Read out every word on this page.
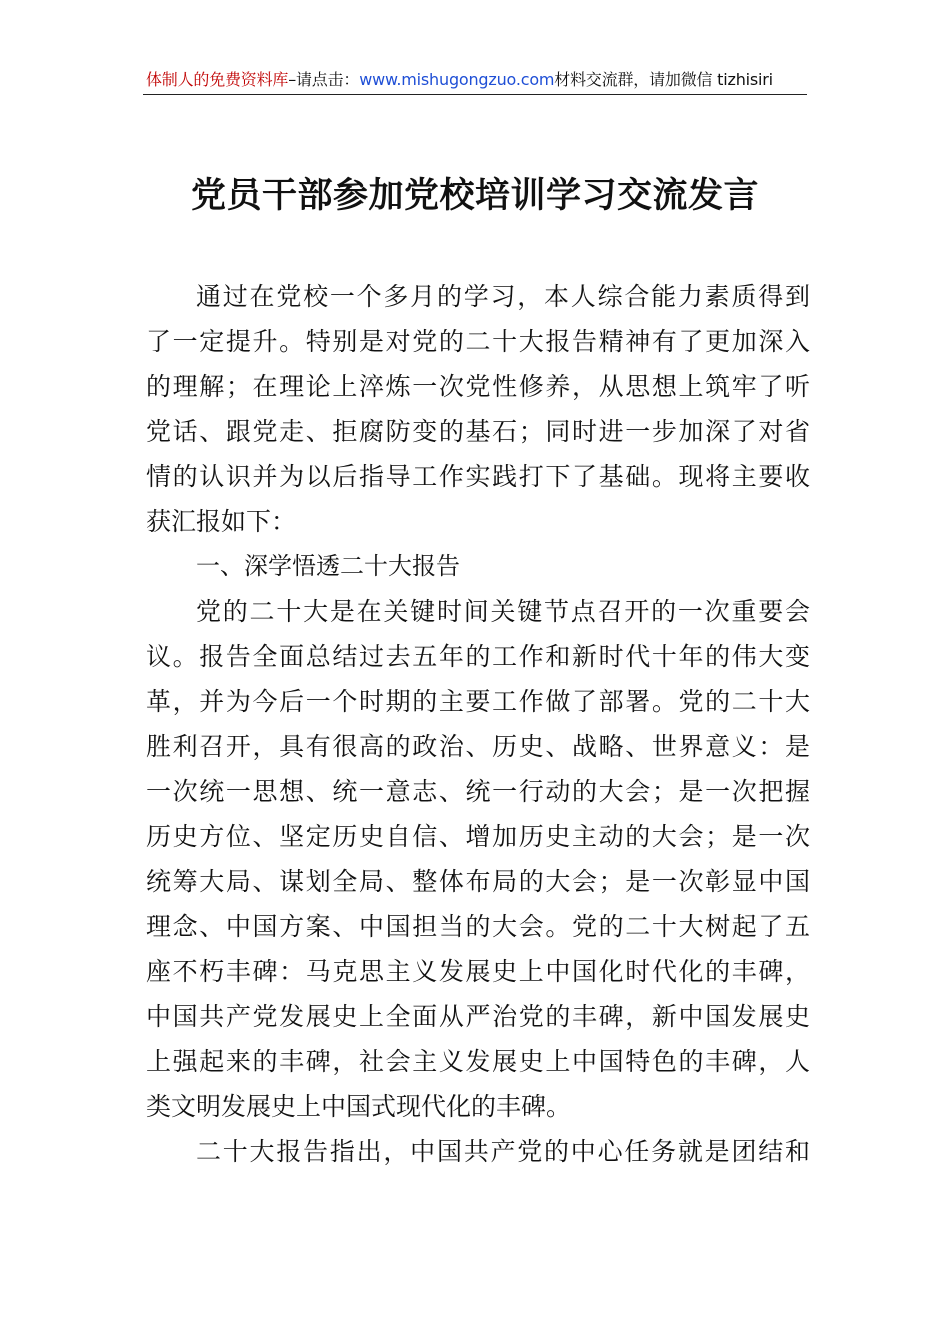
体制人的免费资料库–请点击：www.mishugongzuo.com材料交流群，请加微信 tizhisiri
党员干部参加党校培训学习交流发言
通过在党校一个多月的学习，本人综合能力素质得到
了一定提升。特别是对党的二十大报告精神有了更加深入
的理解；在理论上淬炼一次党性修养，从思想上筑牢了听
党话、跟党走、拒腐防变的基石；同时进一步加深了对省
情的认识并为以后指导工作实践打下了基础。现将主要收
获汇报如下：
一、深学悟透二十大报告
党的二十大是在关键时间关键节点召开的一次重要会
议。报告全面总结过去五年的工作和新时代十年的伟大变
革，并为今后一个时期的主要工作做了部署。党的二十大
胜利召开，具有很高的政治、历史、战略、世界意义：是
一次统一思想、统一意志、统一行动的大会；是一次把握
历史方位、坚定历史自信、增加历史主动的大会；是一次
统筹大局、谋划全局、整体布局的大会；是一次彰显中国
理念、中国方案、中国担当的大会。党的二十大树起了五
座不朽丰碑：马克思主义发展史上中国化时代化的丰碑，
中国共产党发展史上全面从严治党的丰碑，新中国发展史
上强起来的丰碑，社会主义发展史上中国特色的丰碑，人
类文明发展史上中国式现代化的丰碑。
二十大报告指出，中国共产党的中心任务就是团结和
